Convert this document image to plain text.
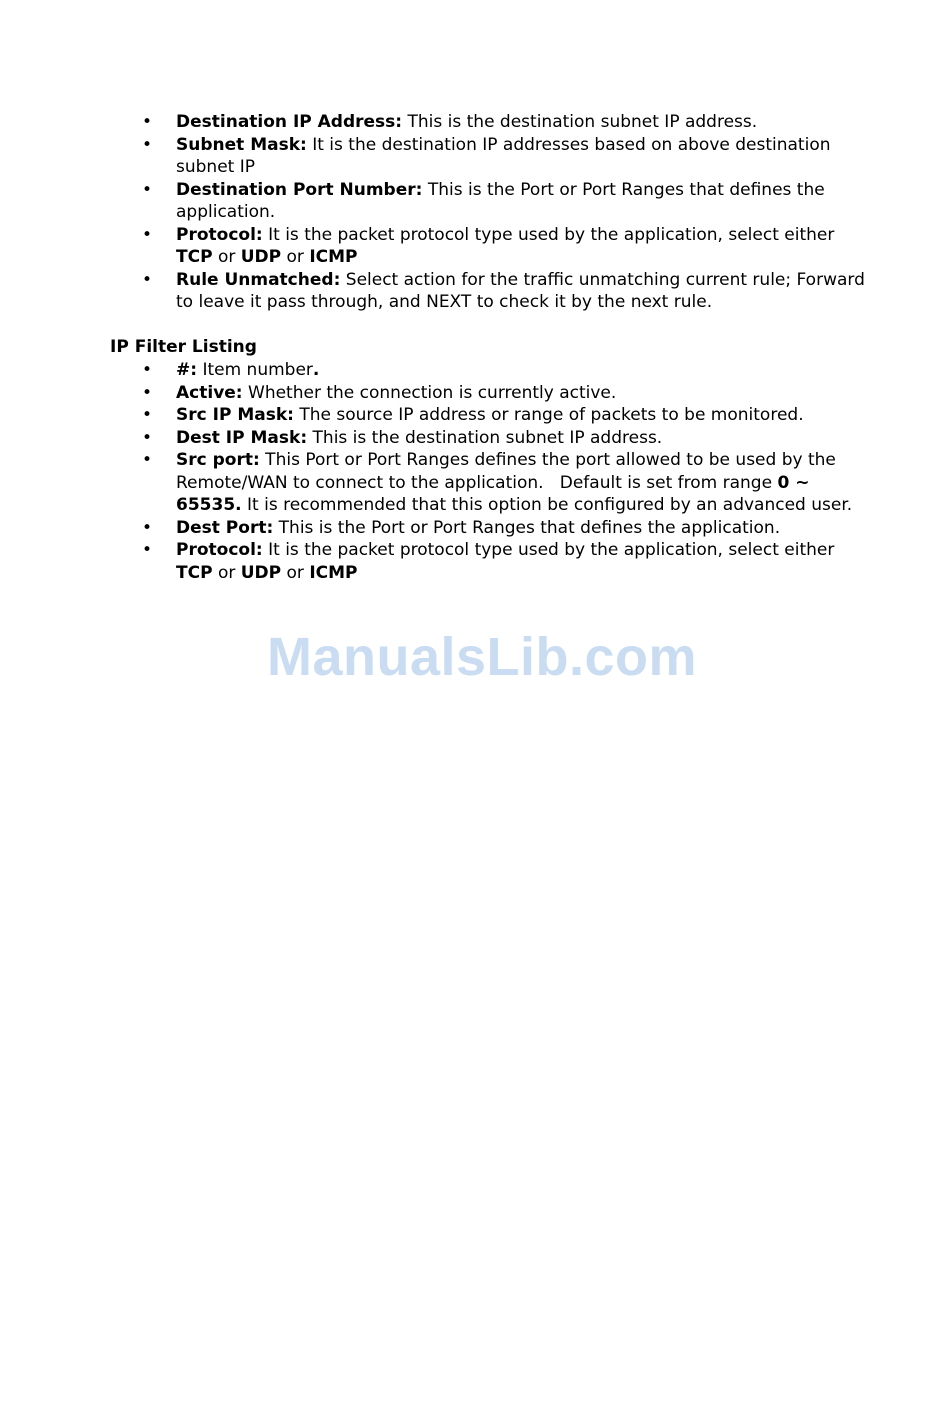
• Destination IP Address: This is the destination subnet IP address.
• Subnet Mask: It is the destination IP addresses based on above destination subnet IP
• Destination Port Number: This is the Port or Port Ranges that defines the application.
• Protocol: It is the packet protocol type used by the application, select either TCP or UDP or ICMP
• Rule Unmatched: Select action for the traffic unmatching current rule; Forward to leave it pass through, and NEXT to check it by the next rule.
IP Filter Listing
• #: Item number.
• Active: Whether the connection is currently active.
• Src IP Mask: The source IP address or range of packets to be monitored.
• Dest IP Mask: This is the destination subnet IP address.
• Src port: This Port or Port Ranges defines the port allowed to be used by the Remote/WAN to connect to the application.   Default is set from range 0 ~ 65535. It is recommended that this option be configured by an advanced user.
• Dest Port: This is the Port or Port Ranges that defines the application.
• Protocol: It is the packet protocol type used by the application, select either TCP or UDP or ICMP
ManualsLib.com
